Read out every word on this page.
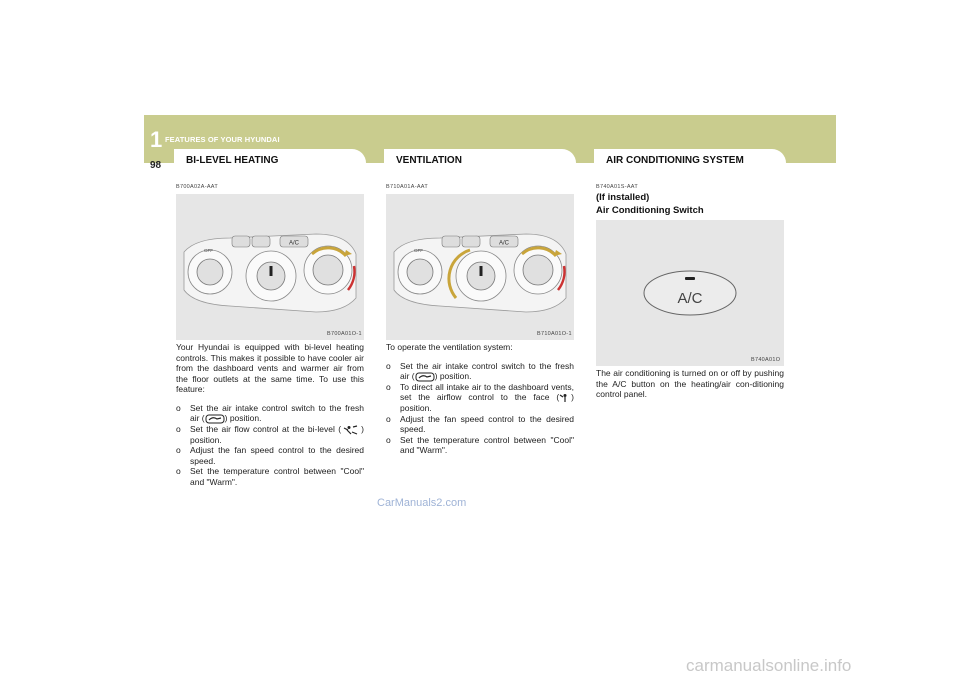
1 FEATURES OF YOUR HYUNDAI
98 BI-LEVEL HEATING	VENTILATION	AIR CONDITIONING SYSTEM
B700A02A-AAT
A/C
OFF
B700A01O-1

Your Hyundai is equipped with bi-level heating controls. This makes it possible to have cooler air from the dashboard vents and warmer air from the floor outlets at the same time. To use this feature:

o Set the air intake control switch to the fresh air ( ) position.
o Set the air flow control at the bi-level ( ) position.
o Adjust the fan speed control to the desired speed.
o Set the temperature control between "Cool" and "Warm".
B710A01A-AAT
A/C
OFF
B710A01O-1

To operate the ventilation system:

o Set the air intake control switch to the fresh air ( ) position.
o To direct all intake air to the dashboard vents, set the airflow control to the face ( ) position.
o Adjust the fan speed control to the desired speed.
o Set the temperature control between "Cool" and "Warm".
B740A01S-AAT
(If installed)
Air Conditioning Switch
A/C
B740A01O

The air conditioning is turned on or off by pushing the A/C button on the heating/air con-ditioning control panel.

CarManuals2.com
carmanualsonline.info
